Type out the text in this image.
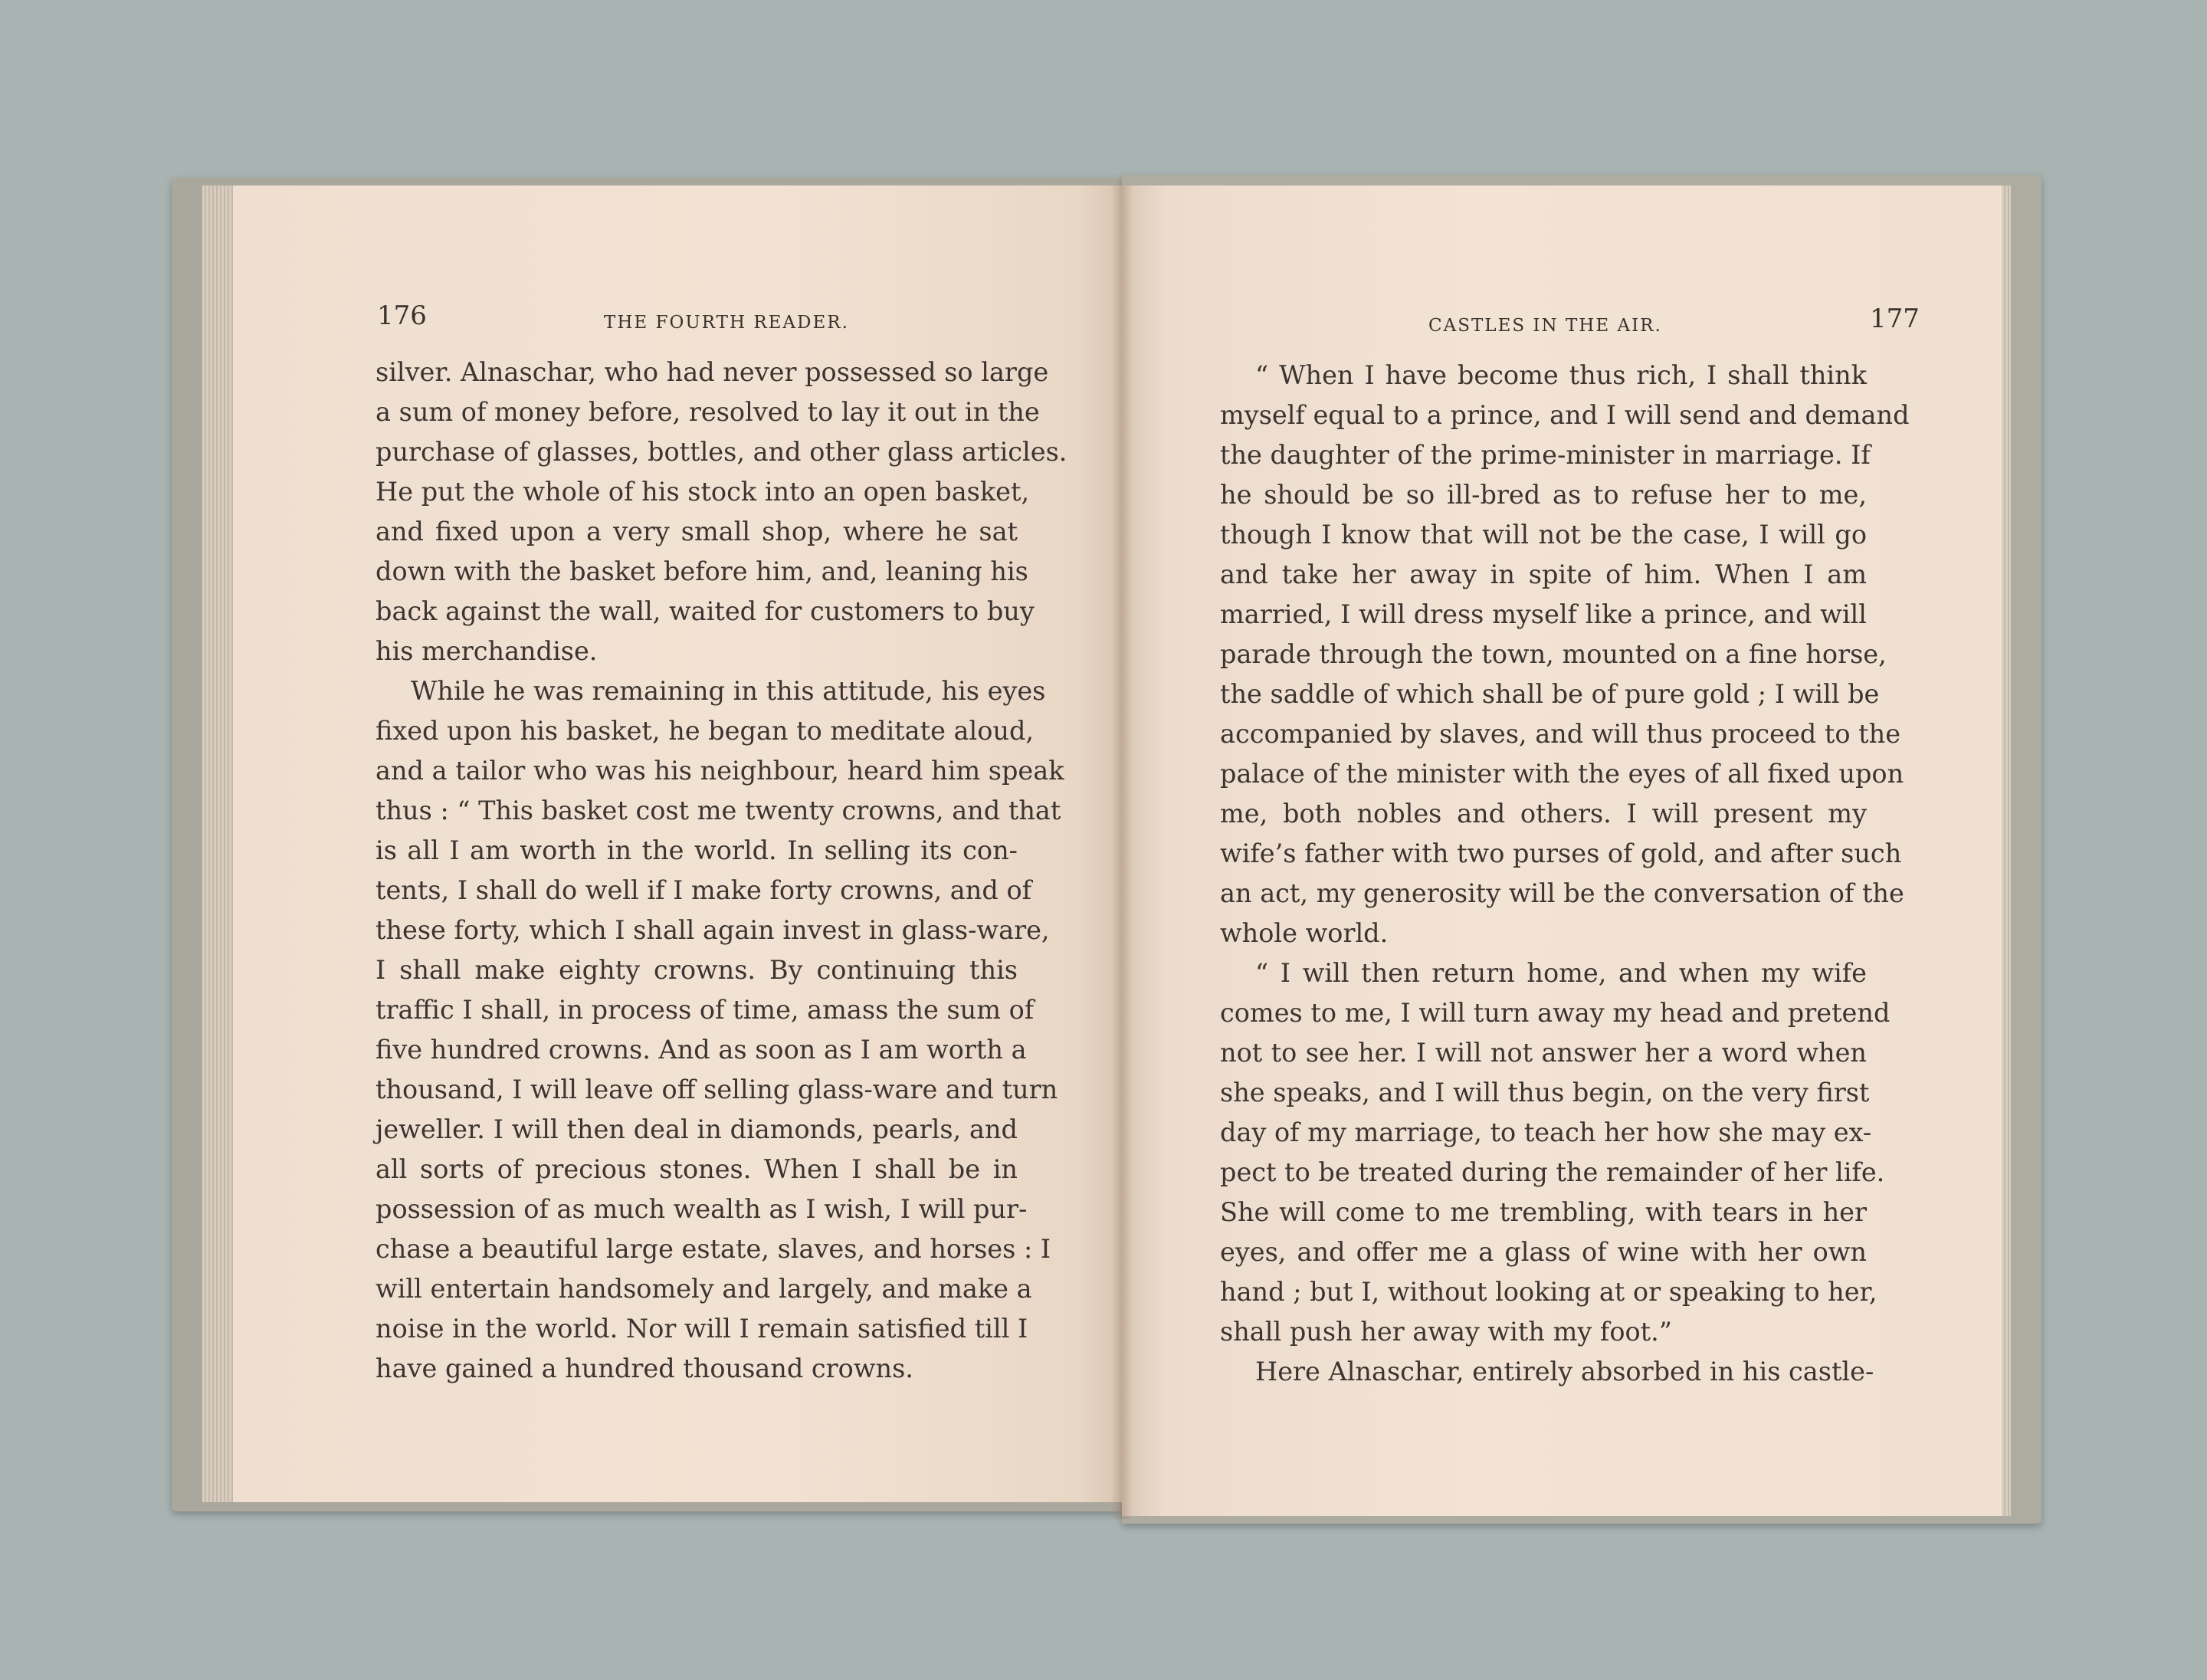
176	THE FOURTH READER.
silver. Alnaschar, who had never possessed so large
a sum of money before, resolved to lay it out in the
purchase of glasses, bottles, and other glass articles.
He put the whole of his stock into an open basket,
and fixed upon a very small shop, where he sat
down with the basket before him, and, leaning his
back against the wall, waited for customers to buy
his merchandise.
While he was remaining in this attitude, his eyes
fixed upon his basket, he began to meditate aloud,
and a tailor who was his neighbour, heard him speak
thus : “ This basket cost me twenty crowns, and that
is all I am worth in the world. In selling its con-
tents, I shall do well if I make forty crowns, and of
these forty, which I shall again invest in glass-ware,
I shall make eighty crowns. By continuing this
traffic I shall, in process of time, amass the sum of
five hundred crowns. And as soon as I am worth a
thousand, I will leave off selling glass-ware and turn
jeweller. I will then deal in diamonds, pearls, and
all sorts of precious stones. When I shall be in
possession of as much wealth as I wish, I will pur-
chase a beautiful large estate, slaves, and horses : I
will entertain handsomely and largely, and make a
noise in the world. Nor will I remain satisfied till I
have gained a hundred thousand crowns.
CASTLES IN THE AIR.	177
“ When I have become thus rich, I shall think
myself equal to a prince, and I will send and demand
the daughter of the prime-minister in marriage. If
he should be so ill-bred as to refuse her to me,
though I know that will not be the case, I will go
and take her away in spite of him. When I am
married, I will dress myself like a prince, and will
parade through the town, mounted on a fine horse,
the saddle of which shall be of pure gold ; I will be
accompanied by slaves, and will thus proceed to the
palace of the minister with the eyes of all fixed upon
me, both nobles and others. I will present my
wife’s father with two purses of gold, and after such
an act, my generosity will be the conversation of the
whole world.
“ I will then return home, and when my wife
comes to me, I will turn away my head and pretend
not to see her. I will not answer her a word when
she speaks, and I will thus begin, on the very first
day of my marriage, to teach her how she may ex-
pect to be treated during the remainder of her life.
She will come to me trembling, with tears in her
eyes, and offer me a glass of wine with her own
hand ; but I, without looking at or speaking to her,
shall push her away with my foot.”
Here Alnaschar, entirely absorbed in his castle-
